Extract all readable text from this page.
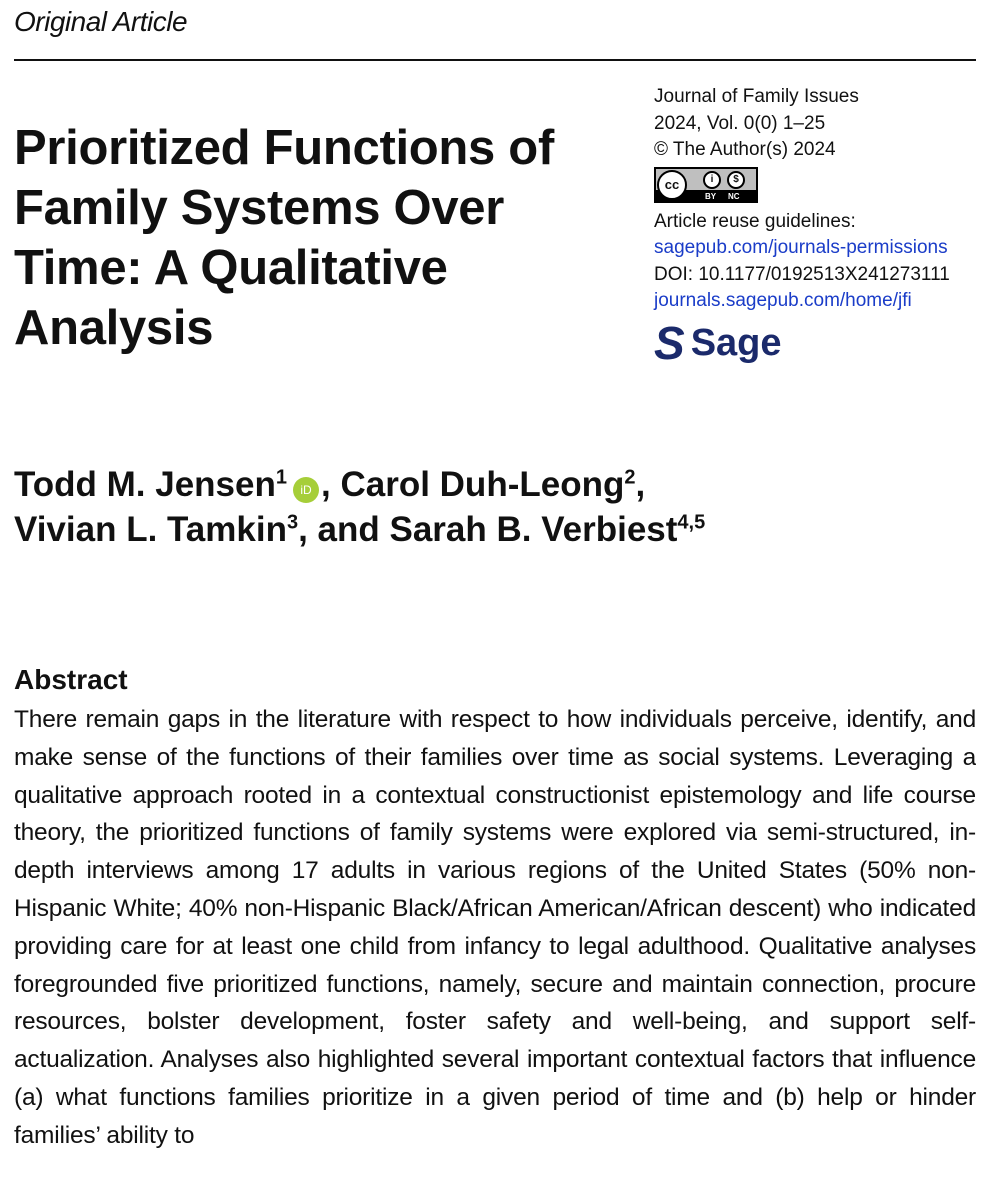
Original Article
Prioritized Functions of
Family Systems Over
Time: A Qualitative
Analysis
Journal of Family Issues
2024, Vol. 0(0) 1–25
© The Author(s) 2024
cc	i	$
BY NC
Article reuse guidelines:
sagepub.com/journals-permissions
DOI: 10.1177/0192513X241273111
journals.sagepub.com/home/jfi
S Sage
Todd M. Jensen$^1$iD , Carol Duh-Leong$^2$,
Vivian L. Tamkin$^3$, and Sarah B. Verbiest$^{4,5}$
Abstract
There remain gaps in the literature with respect to how individuals perceive, identify, and make sense of the functions of their families over time as social systems. Leveraging a qualitative approach rooted in a contextual constructionist epistemology and life course theory, the prioritized functions of family systems were explored via semi-structured, in-depth interviews among 17 adults in various regions of the United States (50% non-Hispanic White; 40% non-Hispanic Black/African American/African descent) who indicated providing care for at least one child from infancy to legal adulthood. Qualitative analyses foregrounded five prioritized functions, namely, secure and maintain connection, procure resources, bolster development, foster safety and well-being, and support self-actualization. Analyses also highlighted several important contextual factors that influence (a) what functions families prioritize in a given period of time and (b) help or hinder families’ ability to
